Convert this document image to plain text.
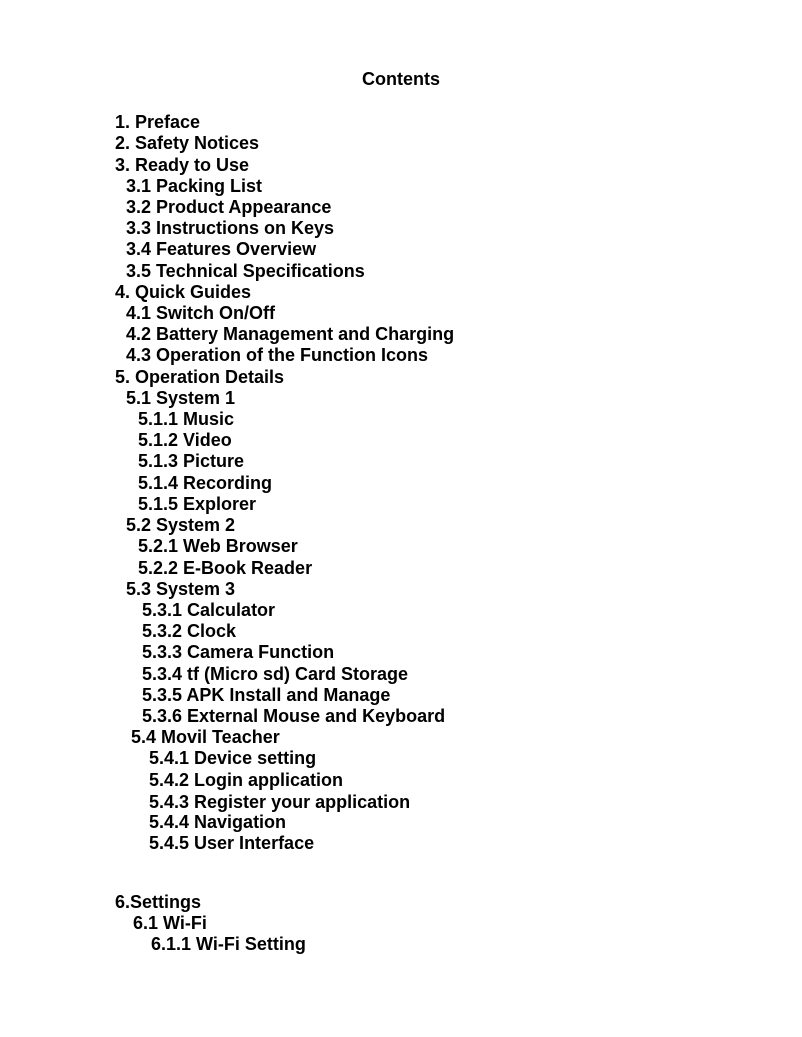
Contents
1. Preface
2. Safety Notices
3. Ready to Use
3.1 Packing List
3.2 Product Appearance
3.3 Instructions on Keys
3.4 Features Overview
3.5 Technical Specifications
4. Quick Guides
4.1 Switch On/Off
4.2 Battery Management and Charging
4.3 Operation of the Function Icons
5. Operation Details
5.1 System 1
5.1.1 Music
5.1.2 Video
5.1.3 Picture
5.1.4 Recording
5.1.5 Explorer
5.2 System 2
5.2.1 Web Browser
5.2.2 E-Book Reader
5.3 System 3
5.3.1 Calculator
5.3.2 Clock
5.3.3 Camera Function
5.3.4 tf (Micro sd) Card Storage
5.3.5 APK Install and Manage
5.3.6 External Mouse and Keyboard
5.4 Movil Teacher
5.4.1 Device setting
5.4.2 Login application
5.4.3 Register your application
5.4.4 Navigation
5.4.5 User Interface
6.Settings
6.1 Wi-Fi
6.1.1 Wi-Fi Setting
